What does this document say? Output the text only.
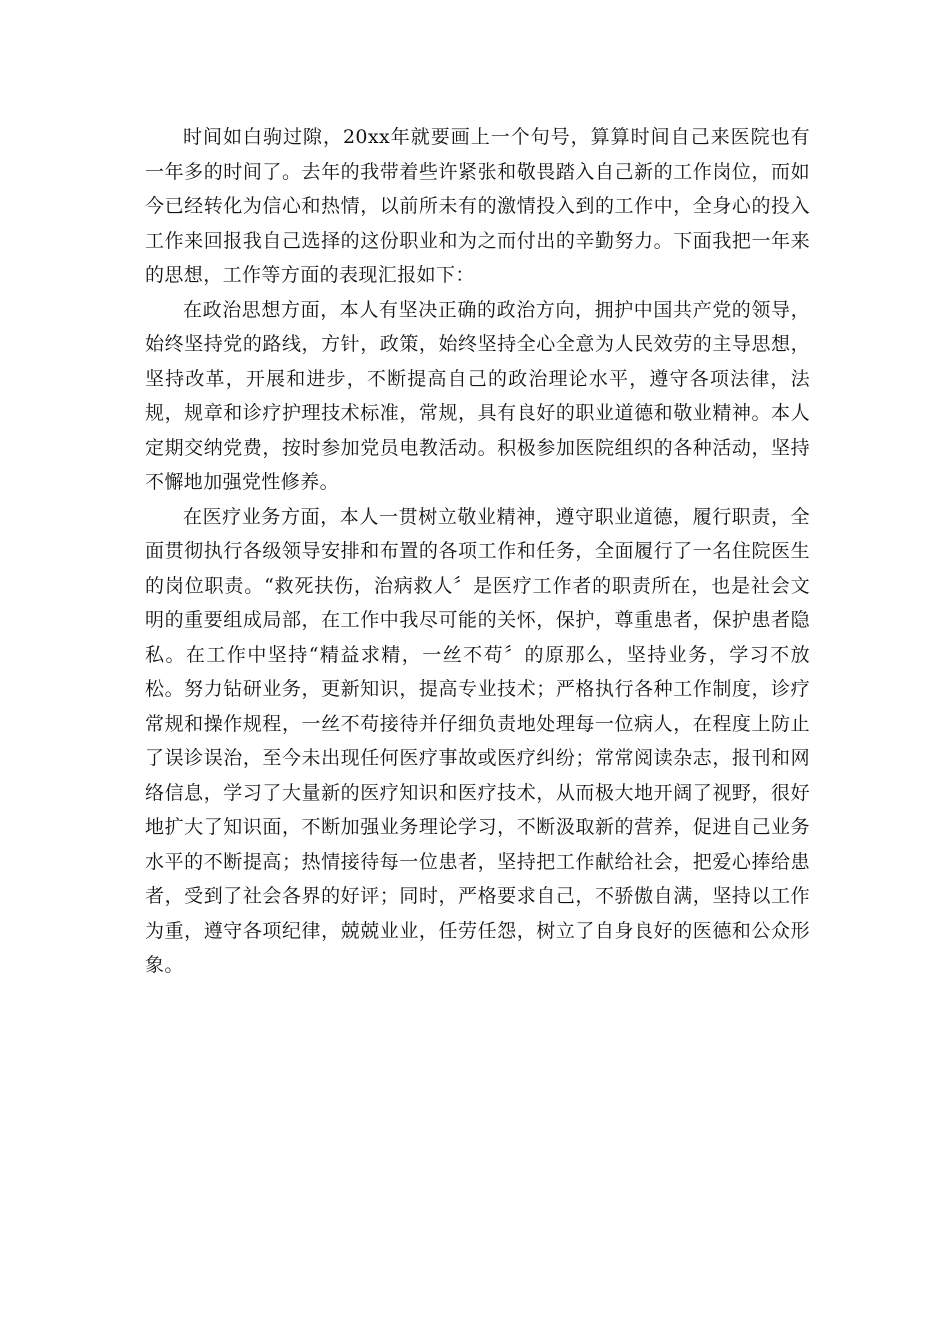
时间如白驹过隙，20xx年就要画上一个句号，算算时间自己来医院也有一年多的时间了。去年的我带着些许紧张和敬畏踏入自己新的工作岗位，而如今已经转化为信心和热情，以前所未有的激情投入到的工作中，全身心的投入工作来回报我自己选择的这份职业和为之而付出的辛勤努力。下面我把一年来的思想，工作等方面的表现汇报如下：

在政治思想方面，本人有坚决正确的政治方向，拥护中国共产党的领导，始终坚持党的路线，方针，政策，始终坚持全心全意为人民效劳的主导思想，坚持改革，开展和进步，不断提高自己的政治理论水平，遵守各项法律，法规，规章和诊疗护理技术标准，常规，具有良好的职业道德和敬业精神。本人定期交纳党费，按时参加党员电教活动。积极参加医院组织的各种活动，坚持不懈地加强党性修养。

在医疗业务方面，本人一贯树立敬业精神，遵守职业道德，履行职责，全面贯彻执行各级领导安排和布置的各项工作和任务，全面履行了一名住院医生的岗位职责。“救死扶伤，治病救人〞是医疗工作者的职责所在，也是社会文明的重要组成局部，在工作中我尽可能的关怀，保护，尊重患者，保护患者隐私。在工作中坚持“精益求精，一丝不苟〞的原那么，坚持业务，学习不放松。努力钻研业务，更新知识，提高专业技术；严格执行各种工作制度，诊疗常规和操作规程，一丝不苟接待并仔细负责地处理每一位病人，在程度上防止了误诊误治，至今未出现任何医疗事故或医疗纠纷；常常阅读杂志，报刊和网络信息，学习了大量新的医疗知识和医疗技术，从而极大地开阔了视野，很好地扩大了知识面，不断加强业务理论学习，不断汲取新的营养，促进自己业务水平的不断提高；热情接待每一位患者，坚持把工作献给社会，把爱心捧给患者，受到了社会各界的好评；同时，严格要求自己，不骄傲自满，坚持以工作为重，遵守各项纪律，兢兢业业，任劳任怨，树立了自身良好的医德和公众形象。
